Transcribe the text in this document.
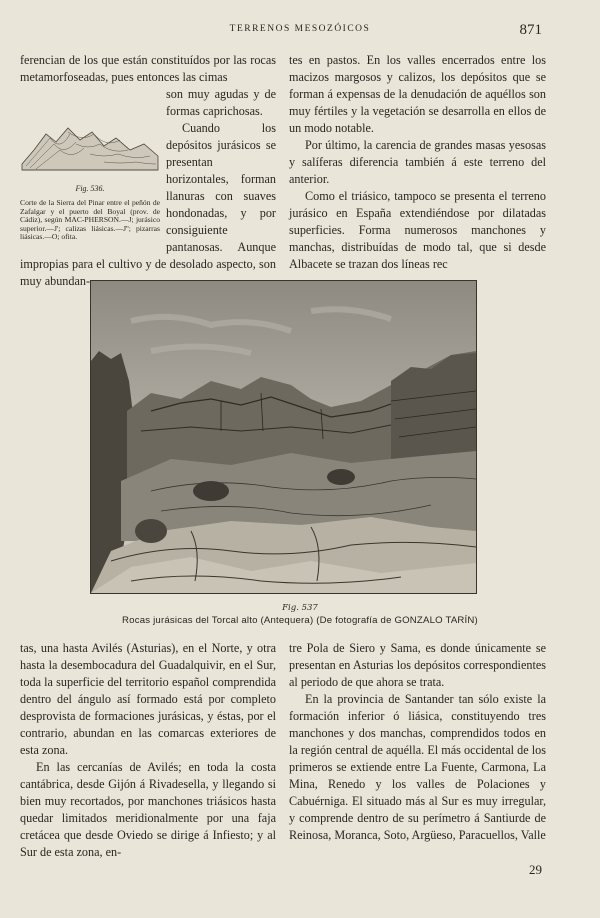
TERRENOS MESOZÓICOS	871

ferencian de los que están constituídos por las rocas metamorfoseadas, pues entonces las cimas

Fig. 536.
Corte de la Sierra del Pinar entre el peñón de Zafalgar y el puerto del Boyal (prov. de Cádiz), según MAC-PHERSON.—J; jurásico superior.—J'; calizas liásicas.—J''; pizarras liásicas.—O; ofita.

son muy agudas y de formas caprichosas.

Cuando los depósitos jurásicos se presentan horizontales, forman llanuras con suaves hondonadas, y por consiguiente pantanosas. Aunque impropias para el cultivo y de desolado aspecto, son muy abundan-

tes en pastos. En los valles encerrados entre los macizos margosos y calizos, los depósitos que se forman á expensas de la denudación de aquéllos son muy fértiles y la vegetación se desarrolla en ellos de un modo notable.

Por último, la carencia de grandes masas yesosas y salíferas diferencia también á este terreno del anterior.

Como el triásico, tampoco se presenta el terreno jurásico en España extendiéndose por dilatadas superficies. Forma numerosos manchones y manchas, distribuídas de modo tal, que si desde Albacete se trazan dos líneas rec

Fig. 537
Rocas jurásicas del Torcal alto (Antequera) (De fotografía de GONZALO TARÍN)

tas, una hasta Avilés (Asturias), en el Norte, y otra hasta la desembocadura del Guadalquivir, en el Sur, toda la superficie del territorio español comprendida dentro del ángulo así formado está por completo desprovista de formaciones jurásicas, y éstas, por el contrario, abundan en las comarcas exteriores de esta zona.

En las cercanías de Avilés; en toda la costa cantábrica, desde Gijón á Rivadesella, y llegando si bien muy recortados, por manchones triásicos hasta quedar limitados meridionalmente por una faja cretácea que desde Oviedo se dirige á Infiesto; y al Sur de esta zona, en-

tre Pola de Siero y Sama, es donde únicamente se presentan en Asturias los depósitos correspondientes al periodo de que ahora se trata.

En la provincia de Santander tan sólo existe la formación inferior ó liásica, constituyendo tres manchones y dos manchas, comprendidos todos en la región central de aquélla. El más occidental de los primeros se extiende entre La Fuente, Carmona, La Mina, Renedo y los valles de Polaciones y Cabuérniga. El situado más al Sur es muy irregular, y comprende dentro de su perímetro á Santiurde de Reinosa, Moranca, Soto, Argüeso, Paracuellos, Valle

29
